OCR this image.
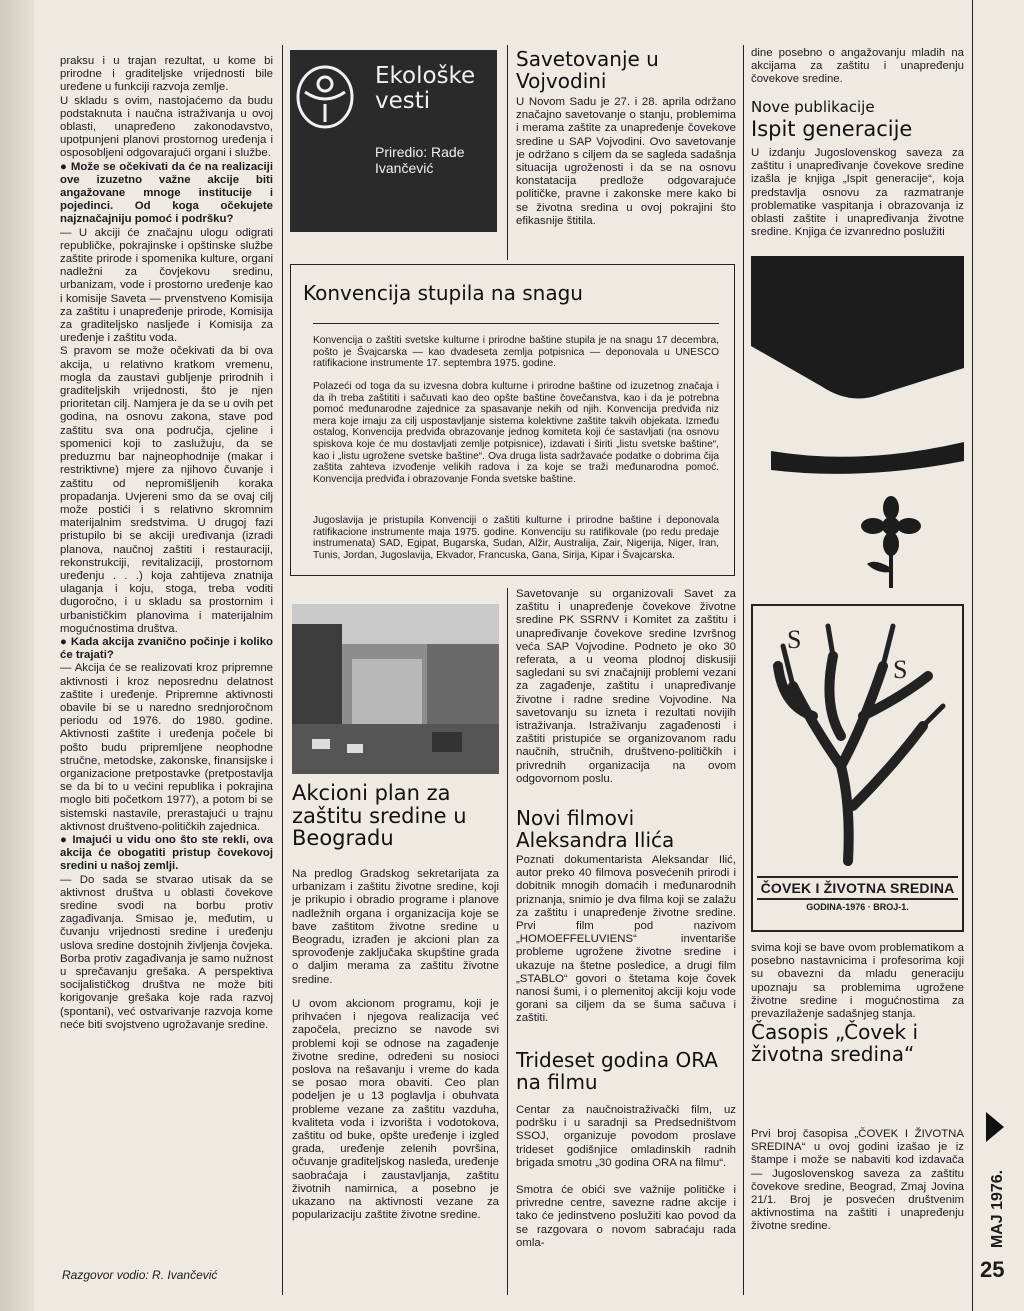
praksu i u trajan rezultat, u kome bi prirodne i graditeljske vrijednosti bile uređene u funkciji razvoja zemlje.

U skladu s ovim, nastojaćemo da budu podstaknuta i naučna istraživanja u ovoj oblasti, unapređeno zakonodavstvo, upotpunjeni planovi prostornog uređenja i osposobljeni odgovarajući organi i službe.

● Može se očekivati da će na realizaciji ove izuzetno važne akcije biti angažovane mnoge institucije i pojedinci. Od koga očekujete najznačajniju pomoć i podršku?

— U akciji će značajnu ulogu odigrati republičke, pokrajinske i opštinske službe zaštite prirode i spomenika kulture, organi nadležni za čovjekovu sredinu, urbanizam, vode i prostorno uređenje kao i komisije Saveta — prvenstveno Komisija za zaštitu i unapređenje prirode, Komisija za graditeljsko nasljeđe i Komisija za uređenje i zaštitu voda.

S pravom se može očekivati da bi ova akcija, u relativno kratkom vremenu, mogla da zaustavi gubljenje prirodnih i graditeljskih vrijednosti, što je njen prioritetan cilj. Namjera je da se u ovih pet godina, na osnovu zakona, stave pod zaštitu sva ona područja, cjeline i spomenici koji to zaslužuju, da se preduzmu bar najneophodnije (makar i restriktivne) mjere za njihovo čuvanje i zaštitu od nepromišljenih koraka propadanja. Uvjereni smo da se ovaj cilj može postići i s relativno skromnim materijalnim sredstvima. U drugoj fazi pristupilo bi se akciji uređivanja (izradi planova, naučnoj zaštiti i restauraciji, rekonstrukciji, revitalizaciji, prostornom uređenju . . .) koja zahtijeva znatnija ulaganja i koju, stoga, treba voditi dugoročno, i u skladu sa prostornim i urbanističkim planovima i materijalnim mogućnostima društva.

● Kada akcija zvanično počinje i koliko će trajati?

— Akcija će se realizovati kroz pripremne aktivnosti i kroz neposrednu delatnost zaštite i uređenje. Pripremne aktivnosti obavile bi se u naredno srednjoročnom periodu od 1976. do 1980. godine. Aktivnosti zaštite i uređenja počele bi pošto budu pripremljene neophodne stručne, metodske, zakonske, finansijske i organizacione pretpostavke (pretpostavlja se da bi to u većini republika i pokrajina moglo biti početkom 1977), a potom bi se sistemski nastavile, prerastajući u trajnu aktivnost društveno-političkih zajednica.

● Imajući u vidu ono što ste rekli, ova akcija će obogatiti pristup čovekovoj sredini u našoj zemlji.

— Do sada se stvarao utisak da se aktivnost društva u oblasti čovekove sredine svodi na borbu protiv zagađivanja. Smisao je, međutim, u čuvanju vrijednosti sredine i uređenju uslova sredine dostojnih življenja čovjeka. Borba protiv zagađivanja je samo nužnost u sprečavanju grešaka. A perspektiva socijalističkog društva ne može biti korigovanje grešaka koje rada razvoj (spontani), već ostvarivanje razvoja kome neće biti svojstveno ugrožavanje sredine.

Razgovor vodio: R. Ivančević
Ekološke vesti
Priredio: Rade Ivančević
Savetovanje u Vojvodini

U Novom Sadu je 27. i 28. aprila održano značajno savetovanje o stanju, problemima i merama zaštite za unapređenje čovekove sredine u SAP Vojvodini. Ovo savetovanje je održano s ciljem da se sagleda sadašnja situacija ugroženosti i da se na osnovu konstatacija predlože odgovarajuće političke, pravne i zakonske mere kako bi se životna sredina u ovoj pokrajini što efikasnije štitila.

dine posebno o angažovanju mladih na akcijama za zaštitu i unapređenju čovekove sredine.

Nove publikacije
Ispit generacije

U izdanju Jugoslovenskog saveza za zaštitu i unapređivanje čovekove sredine izašla je knjiga „Ispit generacije“, koja predstavlja osnovu za razmatranje problematike vaspitanja i obrazovanja iz oblasti zaštite i unapređivanja životne sredine. Knjiga će izvanredno poslužiti

S
S
ČOVEK I ŽIVOTNA SREDINA
GODINA-1976 · BROJ-1.

svima koji se bave ovom problematikom a posebno nastavnicima i profesorima koji su obavezni da mladu generaciju upoznaju sa problemima ugrožene životne sredine i mogućnostima za prevazilaženje sadašnjeg stanja.

Časopis „Čovek i životna sredina“

Prvi broj časopisa „ČOVEK I ŽIVOTNA SREDINA“ u ovoj godini izašao je iz štampe i može se nabaviti kod izdavača — Jugoslovenskog saveza za zaštitu čovekove sredine, Beograd, Zmaj Jovina 21/1. Broj je posvećen društvenim aktivnostima na zaštiti i unapređenju životne sredine.

Konvencija stupila na snagu

Konvencija o zaštiti svetske kulturne i prirodne baštine stupila je na snagu 17 decembra, pošto je Švajcarska — kao dvadeseta zemlja potpisnica — deponovala u UNESCO ratifikacione instrumente 17. septembra 1975. godine.

Polazeći od toga da su izvesna dobra kulturne i prirodne baštine od izuzetnog značaja i da ih treba zaštititi i sačuvati kao deo opšte baštine čovečanstva, kao i da je potrebna pomoć međunarodne zajednice za spasavanje nekih od njih. Konvencija predviđa niz mera koje imaju za cilj uspostavljanje sistema kolektivne zaštite takvih objekata. Između ostalog, Konvencija predviđa obrazovanje jednog komiteta koji će sastavljati (na osnovu spiskova koje će mu dostavljati zemlje potpisnice), izdavati i širiti „listu svetske baštine“, kao i „listu ugrožene svetske baštine“. Ova druga lista sadržavaće podatke o dobrima čija zaštita zahteva izvođenje velikih radova i za koje se traži međunarodna pomoć. Konvencija predviđa i obrazovanje Fonda svetske baštine.

Jugoslavija je pristupila Konvenciji o zaštiti kulturne i prirodne baštine i deponovala ratifikacione instrumente maja 1975. godine. Konvenciju su ratifikovale (po redu predaje instrumenata) SAD, Egipat, Bugarska, Sudan, Alžir, Australija, Zair, Nigerija, Niger, Iran, Tunis, Jordan, Jugoslavija, Ekvador, Francuska, Gana, Sirija, Kipar i Švajcarska.

Akcioni plan za zaštitu sredine u Beogradu

Na predlog Gradskog sekretarijata za urbanizam i zaštitu životne sredine, koji je prikupio i obradio programe i planove nadležnih organa i organizacija koje se bave zaštitom životne sredine u Beogradu, izrađen je akcioni plan za sprovođenje zaključaka skupštine grada o daljim merama za zaštitu životne sredine.

U ovom akcionom programu, koji je prihvaćen i njegova realizacija već započela, precizno se navode svi problemi koji se odnose na zagađenje životne sredine, određeni su nosioci poslova na rešavanju i vreme do kada se posao mora obaviti. Ceo plan podeljen je u 13 poglavlja i obuhvata probleme vezane za zaštitu vazduha, kvaliteta voda i izvorišta i vodotokova, zaštitu od buke, opšte uređenje i izgled grada, uređenje zelenih površina, očuvanje graditeljskog nasleđa, uređenje saobraćaja i zaustavljanja, zaštitu životnih namirnica, a posebno je ukazano na aktivnosti vezane za popularizaciju zaštite životne sredine.

Savetovanje su organizovali Savet za zaštitu i unapređenje čovekove životne sredine PK SSRNV i Komitet za zaštitu i unapređivanje čovekove sredine Izvršnog veća SAP Vojvodine. Podneto je oko 30 referata, a u veoma plodnoj diskusiji sagledani su svi značajniji problemi vezani za zagađenje, zaštitu i unapređivanje životne i radne sredine Vojvodine. Na savetovanju su izneta i rezultati novijih istraživanja. Istraživanju zagađenosti i zaštiti pristupiće se organizovanom radu naučnih, stručnih, društveno-političkih i privrednih organizacija na ovom odgovornom poslu.

Novi filmovi Aleksandra Ilića

Poznati dokumentarista Aleksandar Ilić, autor preko 40 filmova posvećenih prirodi i dobitnik mnogih domaćih i međunarodnih priznanja, snimio je dva filma koji se zalažu za zaštitu i unapređenje životne sredine. Prvi film pod nazivom „HOMOEFFELUVIENS“ inventariše probleme ugrožene životne sredine i ukazuje na štetne posledice, a drugi film „STABLO“ govori o štetama koje čovek nanosi šumi, i o plemenitoj akciji koju vode gorani sa ciljem da se šuma sačuva i zaštiti.

Trideset godina ORA na filmu

Centar za naučnoistraživački film, uz podršku i u saradnji sa Predsedništvom SSOJ, organizuje povodom proslave trideset godišnjice omladinskih radnih brigada smotru „30 godina ORA na filmu“.

Smotra će obići sve važnije političke i privredne centre, savezne radne akcije i tako će jedinstveno poslužiti kao povod da se razgovara o novom sabraćaju rada omla-	MAJ 1976.
25
